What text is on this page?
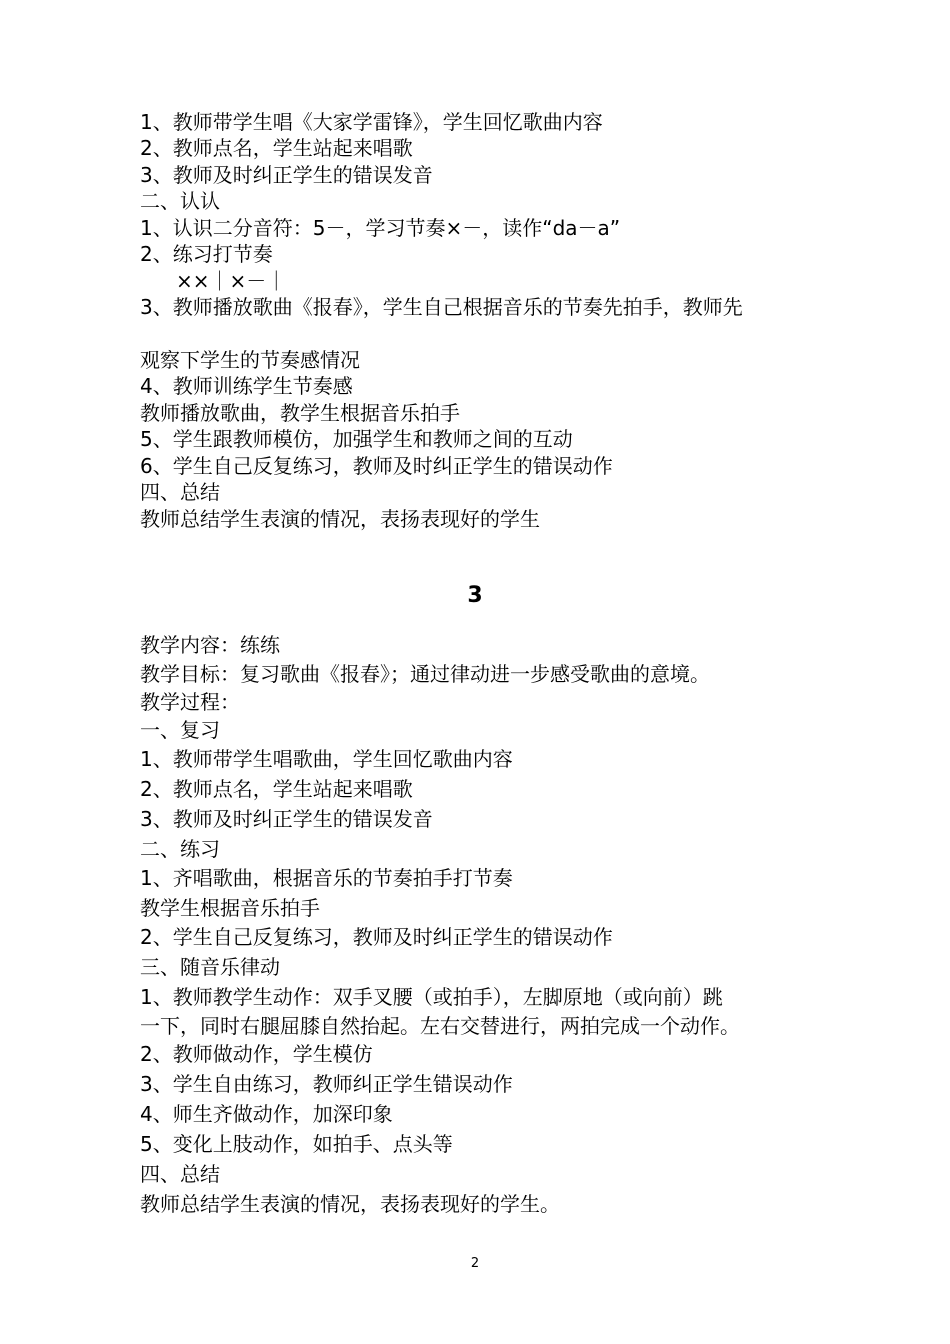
1、教师带学生唱《大家学雷锋》，学生回忆歌曲内容
2、教师点名，学生站起来唱歌
3、教师及时纠正学生的错误发音
二、认认
1、认识二分音符：5－，学习节奏×－，读作“da－a”
2、练习打节奏
××｜×－｜
3、教师播放歌曲《报春》，学生自己根据音乐的节奏先拍手，教师先
观察下学生的节奏感情况
4、教师训练学生节奏感
教师播放歌曲，教学生根据音乐拍手
5、学生跟教师模仿，加强学生和教师之间的互动
6、学生自己反复练习，教师及时纠正学生的错误动作
四、总结
教师总结学生表演的情况，表扬表现好的学生
3
教学内容：练练
教学目标：复习歌曲《报春》；通过律动进一步感受歌曲的意境。
教学过程：
一、复习
1、教师带学生唱歌曲，学生回忆歌曲内容
2、教师点名，学生站起来唱歌
3、教师及时纠正学生的错误发音
二、练习
1、齐唱歌曲，根据音乐的节奏拍手打节奏
教学生根据音乐拍手
2、学生自己反复练习，教师及时纠正学生的错误动作
三、随音乐律动
1、教师教学生动作：双手叉腰（或拍手），左脚原地（或向前）跳
一下，同时右腿屈膝自然抬起。左右交替进行，两拍完成一个动作。
2、教师做动作，学生模仿
3、学生自由练习，教师纠正学生错误动作
4、师生齐做动作，加深印象
5、变化上肢动作，如拍手、点头等
四、总结
教师总结学生表演的情况，表扬表现好的学生。
2
